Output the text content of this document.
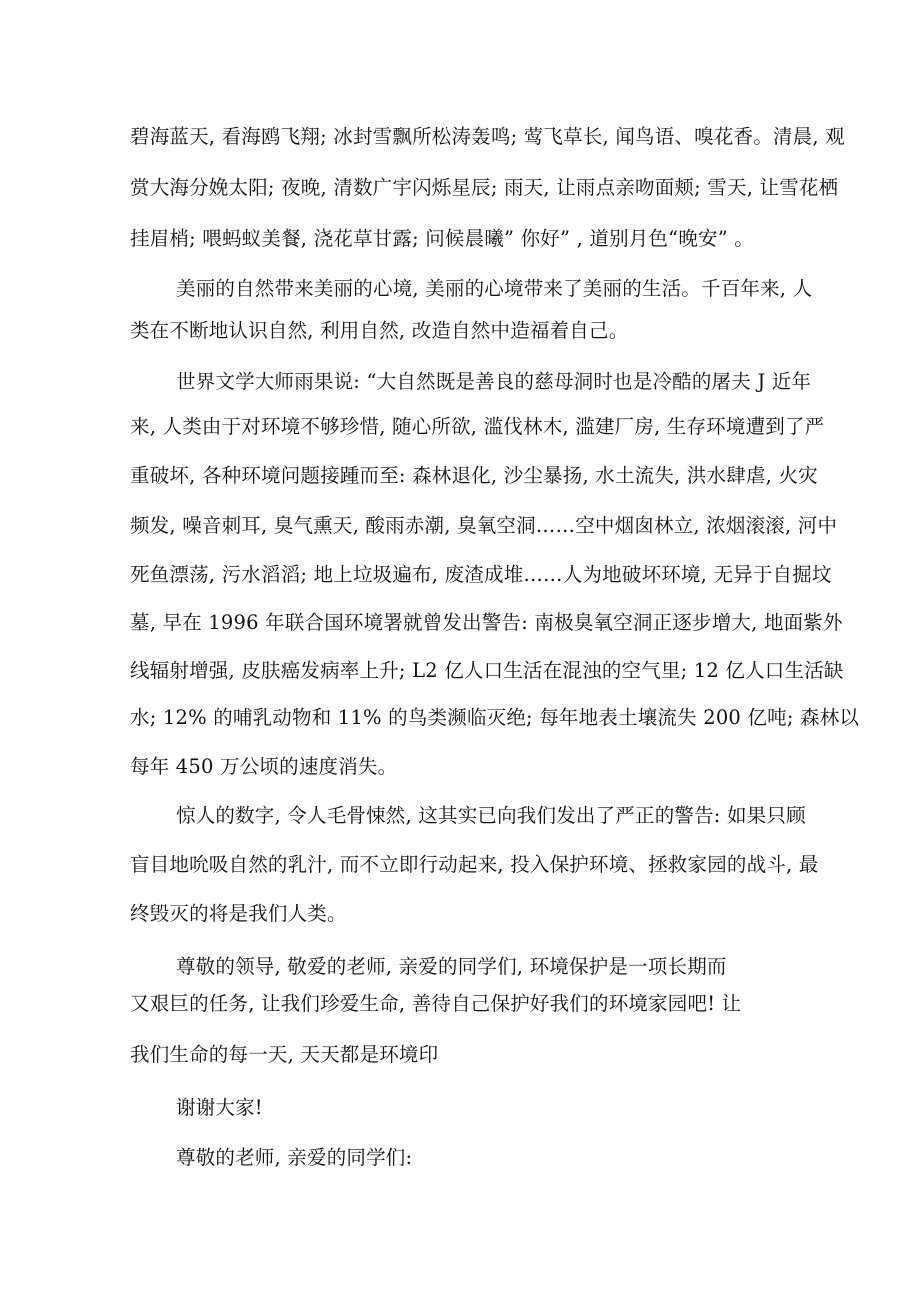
碧海蓝天, 看海鸥飞翔; 冰封雪飘所松涛轰鸣; 莺飞草长, 闻鸟语、嗅花香。清晨, 观
赏大海分娩太阳; 夜晚, 清数广宇闪烁星辰; 雨天, 让雨点亲吻面颊; 雪天, 让雪花栖
挂眉梢; 喂蚂蚁美餐, 浇花草甘露; 问候晨曦” 你好” , 道别月色“晚安” 。
美丽的自然带来美丽的心境, 美丽的心境带来了美丽的生活。千百年来, 人
类在不断地认识自然, 利用自然, 改造自然中造福着自己。
世界文学大师雨果说: “大自然既是善良的慈母洞时也是冷酷的屠夫 J 近年
来, 人类由于对环境不够珍惜, 随心所欲, 滥伐林木, 滥建厂房, 生存环境遭到了严
重破坏, 各种环境问题接踵而至: 森林退化, 沙尘暴扬, 水土流失, 洪水肆虐, 火灾
频发, 噪音刺耳, 臭气熏天, 酸雨赤潮, 臭氧空洞……空中烟囱林立, 浓烟滚滚, 河中
死鱼漂荡, 污水滔滔; 地上垃圾遍布, 废渣成堆……人为地破坏环境, 无异于自掘坟
墓, 早在 1996 年联合国环境署就曾发出警告: 南极臭氧空洞正逐步增大, 地面紫外
线辐射增强, 皮肤癌发病率上升; L2 亿人口生活在混浊的空气里; 12 亿人口生活缺
水; 12% 的哺乳动物和 11% 的鸟类濒临灭绝; 每年地表土壤流失 200 亿吨; 森林以
每年 450 万公顷的速度消失。
惊人的数字, 令人毛骨悚然, 这其实已向我们发出了严正的警告: 如果只顾
盲目地吮吸自然的乳汁, 而不立即行动起来, 投入保护环境、拯救家园的战斗, 最
终毁灭的将是我们人类。
尊敬的领导, 敬爱的老师, 亲爱的同学们, 环境保护是一项长期而
又艰巨的任务, 让我们珍爱生命, 善待自己保护好我们的环境家园吧! 让
我们生命的每一天, 天天都是环境印
谢谢大家!
尊敬的老师, 亲爱的同学们:
